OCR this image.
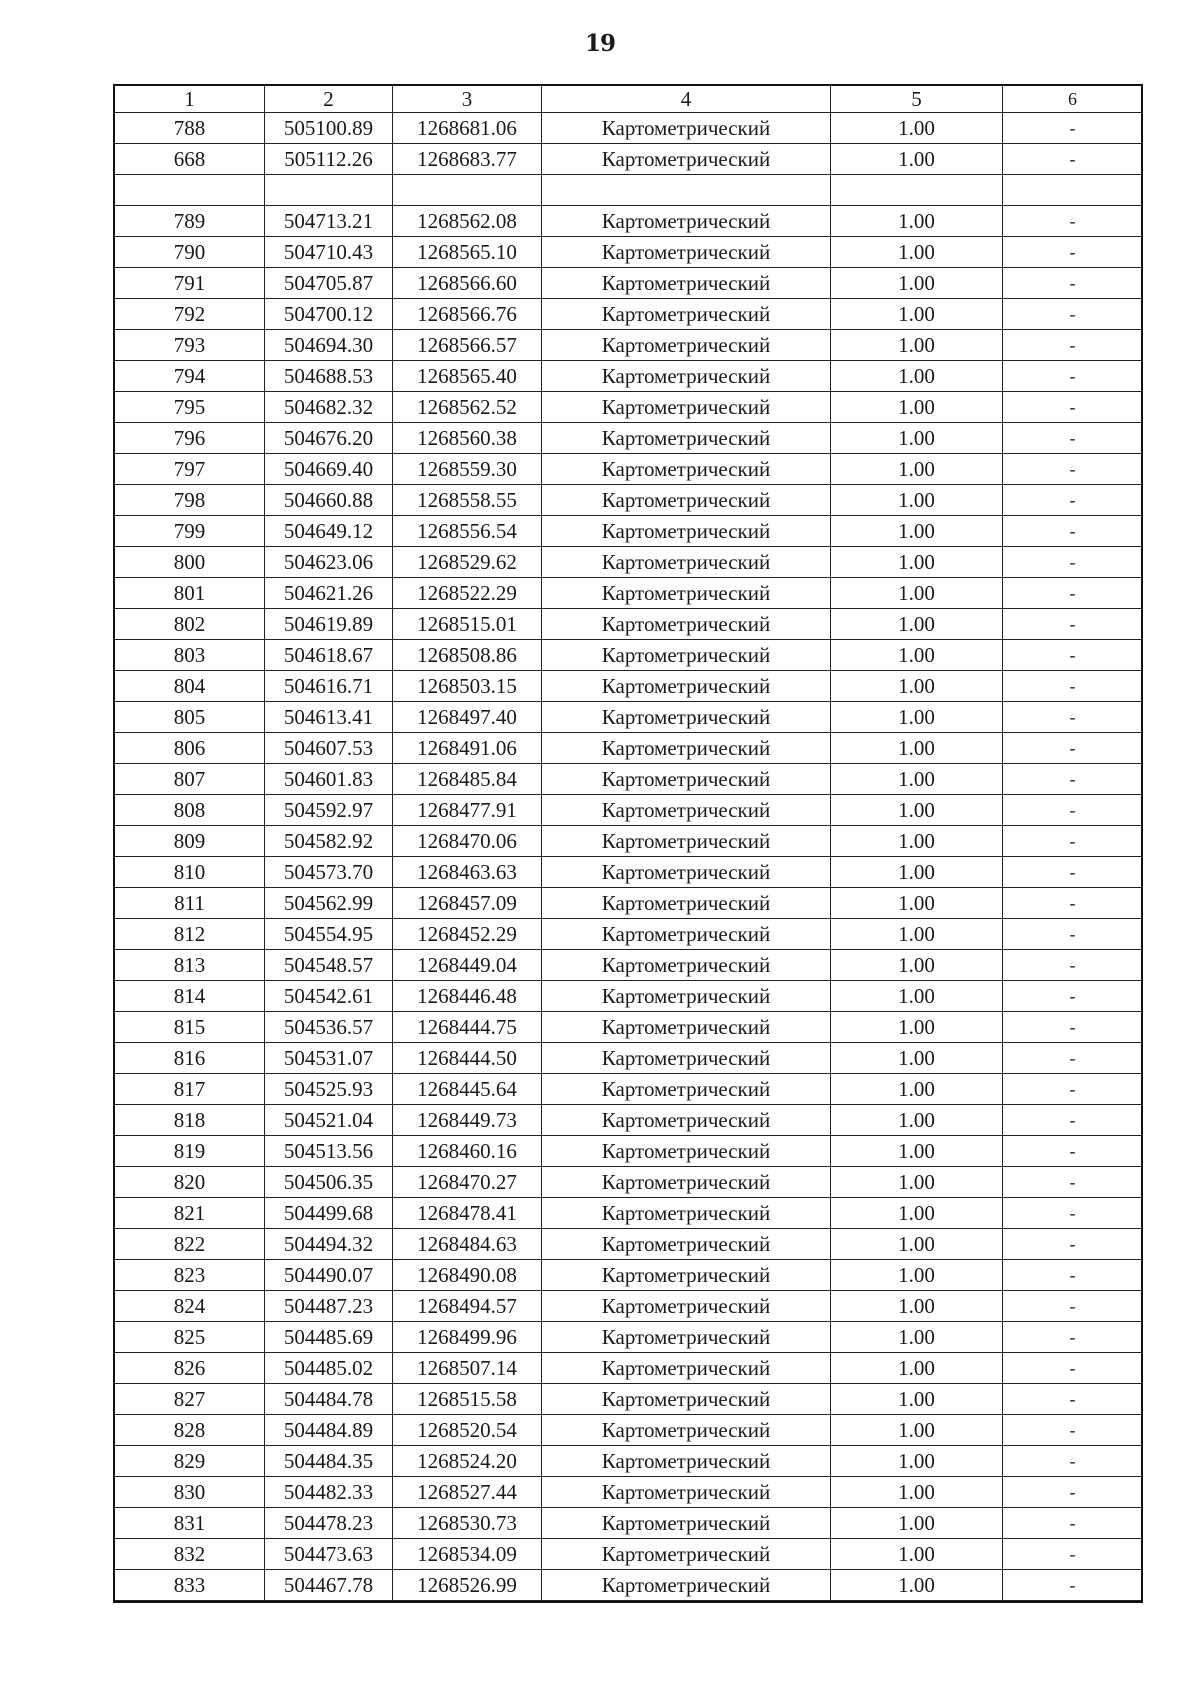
19
1	2	3	4	5	6
788	505100.89	1268681.06	Картометрический	1.00	-
668	505112.26	1268683.77	Картометрический	1.00	-

789	504713.21	1268562.08	Картометрический	1.00	-
790	504710.43	1268565.10	Картометрический	1.00	-
791	504705.87	1268566.60	Картометрический	1.00	-
792	504700.12	1268566.76	Картометрический	1.00	-
793	504694.30	1268566.57	Картометрический	1.00	-
794	504688.53	1268565.40	Картометрический	1.00	-
795	504682.32	1268562.52	Картометрический	1.00	-
796	504676.20	1268560.38	Картометрический	1.00	-
797	504669.40	1268559.30	Картометрический	1.00	-
798	504660.88	1268558.55	Картометрический	1.00	-
799	504649.12	1268556.54	Картометрический	1.00	-
800	504623.06	1268529.62	Картометрический	1.00	-
801	504621.26	1268522.29	Картометрический	1.00	-
802	504619.89	1268515.01	Картометрический	1.00	-
803	504618.67	1268508.86	Картометрический	1.00	-
804	504616.71	1268503.15	Картометрический	1.00	-
805	504613.41	1268497.40	Картометрический	1.00	-
806	504607.53	1268491.06	Картометрический	1.00	-
807	504601.83	1268485.84	Картометрический	1.00	-
808	504592.97	1268477.91	Картометрический	1.00	-
809	504582.92	1268470.06	Картометрический	1.00	-
810	504573.70	1268463.63	Картометрический	1.00	-
811	504562.99	1268457.09	Картометрический	1.00	-
812	504554.95	1268452.29	Картометрический	1.00	-
813	504548.57	1268449.04	Картометрический	1.00	-
814	504542.61	1268446.48	Картометрический	1.00	-
815	504536.57	1268444.75	Картометрический	1.00	-
816	504531.07	1268444.50	Картометрический	1.00	-
817	504525.93	1268445.64	Картометрический	1.00	-
818	504521.04	1268449.73	Картометрический	1.00	-
819	504513.56	1268460.16	Картометрический	1.00	-
820	504506.35	1268470.27	Картометрический	1.00	-
821	504499.68	1268478.41	Картометрический	1.00	-
822	504494.32	1268484.63	Картометрический	1.00	-
823	504490.07	1268490.08	Картометрический	1.00	-
824	504487.23	1268494.57	Картометрический	1.00	-
825	504485.69	1268499.96	Картометрический	1.00	-
826	504485.02	1268507.14	Картометрический	1.00	-
827	504484.78	1268515.58	Картометрический	1.00	-
828	504484.89	1268520.54	Картометрический	1.00	-
829	504484.35	1268524.20	Картометрический	1.00	-
830	504482.33	1268527.44	Картометрический	1.00	-
831	504478.23	1268530.73	Картометрический	1.00	-
832	504473.63	1268534.09	Картометрический	1.00	-
833	504467.78	1268526.99	Картометрический	1.00	-
